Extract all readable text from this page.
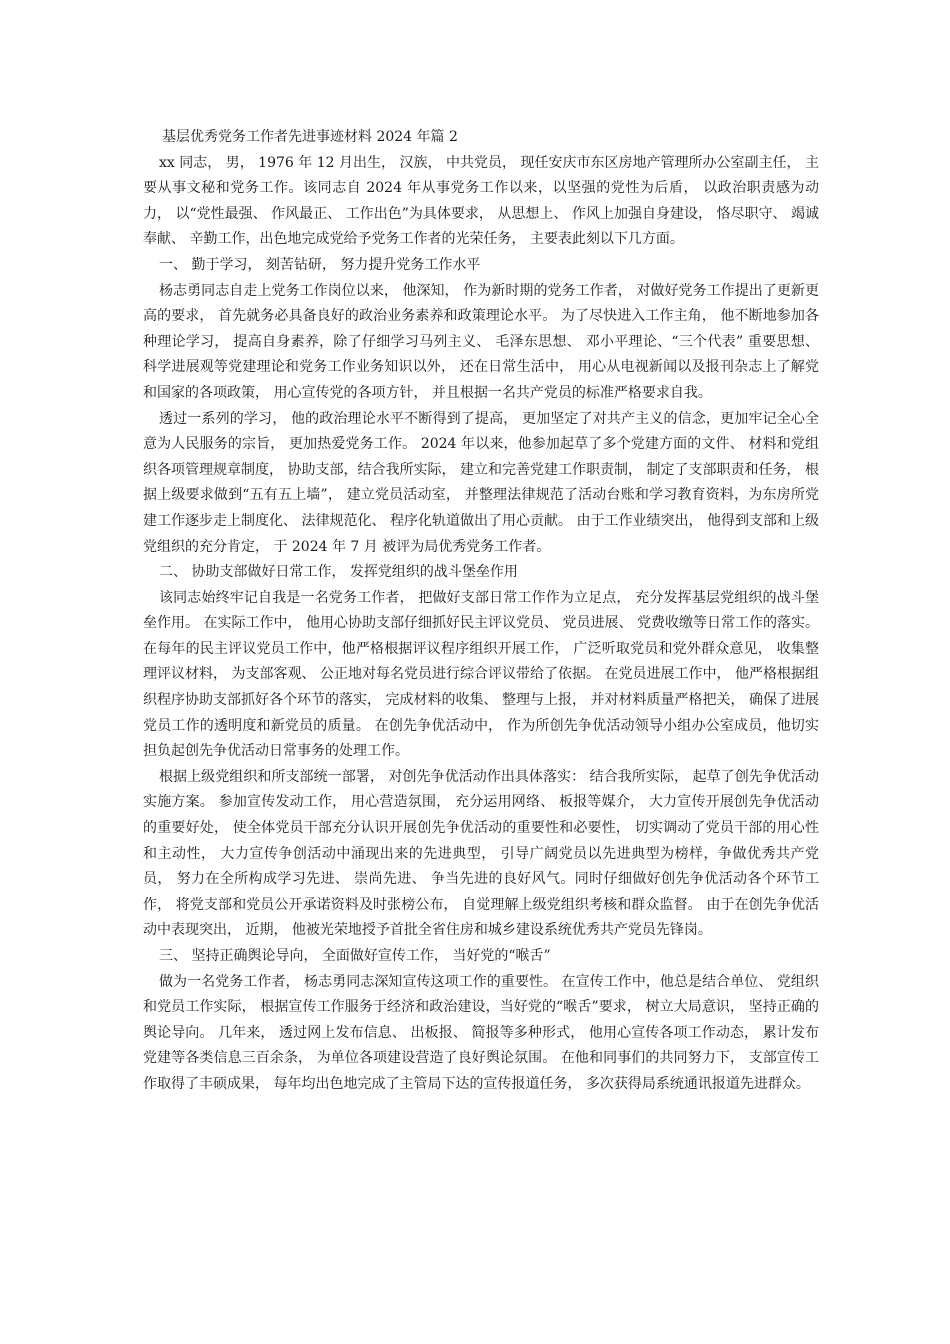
基层优秀党务工作者先进事迹材料 2024 年篇 2

xx 同志， 男， 1976 年 12 月出生， 汉族， 中共党员， 现任安庆市东区房地产管理所办公室副主任， 主要从事文秘和党务工作。该同志自 2024 年从事党务工作以来，以坚强的党性为后盾， 以政治职责感为动力， 以“党性最强、 作风最正、 工作出色”为具体要求， 从思想上、 作风上加强自身建设， 恪尽职守、 竭诚奉献、 辛勤工作，出色地完成党给予党务工作者的光荣任务， 主要表此刻以下几方面。

一、 勤于学习， 刻苦钻研， 努力提升党务工作水平

杨志勇同志自走上党务工作岗位以来， 他深知， 作为新时期的党务工作者， 对做好党务工作提出了更新更高的要求， 首先就务必具备良好的政治业务素养和政策理论水平。 为了尽快进入工作主角， 他不断地参加各种理论学习， 提高自身素养，除了仔细学习马列主义、 毛泽东思想、 邓小平理论、“三个代表” 重要思想、 科学进展观等党建理论和党务工作业务知识以外， 还在日常生活中， 用心从电视新闻以及报刊杂志上了解党和国家的各项政策， 用心宣传党的各项方针， 并且根据一名共产党员的标准严格要求自我。

透过一系列的学习， 他的政治理论水平不断得到了提高， 更加坚定了对共产主义的信念，更加牢记全心全意为人民服务的宗旨， 更加热爱党务工作。 2024 年以来，他参加起草了多个党建方面的文件、 材料和党组织各项管理规章制度， 协助支部，结合我所实际， 建立和完善党建工作职责制， 制定了支部职责和任务， 根据上级要求做到“五有五上墙”， 建立党员活动室， 并整理法律规范了活动台账和学习教育资料，为东房所党建工作逐步走上制度化、 法律规范化、 程序化轨道做出了用心贡献。 由于工作业绩突出， 他得到支部和上级党组织的充分肯定， 于 2024 年 7 月 被评为局优秀党务工作者。

二、 协助支部做好日常工作， 发挥党组织的战斗堡垒作用

该同志始终牢记自我是一名党务工作者， 把做好支部日常工作作为立足点， 充分发挥基层党组织的战斗堡垒作用。 在实际工作中， 他用心协助支部仔细抓好民主评议党员、 党员进展、 党费收缴等日常工作的落实。 在每年的民主评议党员工作中，他严格根据评议程序组织开展工作， 广泛听取党员和党外群众意见， 收集整理评议材料， 为支部客观、 公正地对每名党员进行综合评议带给了依据。 在党员进展工作中， 他严格根据组织程序协助支部抓好各个环节的落实， 完成材料的收集、 整理与上报， 并对材料质量严格把关， 确保了进展党员工作的透明度和新党员的质量。 在创先争优活动中， 作为所创先争优活动领导小组办公室成员，他切实担负起创先争优活动日常事务的处理工作。

根据上级党组织和所支部统一部署， 对创先争优活动作出具体落实： 结合我所实际， 起草了创先争优活动实施方案。 参加宣传发动工作， 用心营造氛围， 充分运用网络、 板报等媒介， 大力宣传开展创先争优活动的重要好处， 使全体党员干部充分认识开展创先争优活动的重要性和必要性， 切实调动了党员干部的用心性和主动性， 大力宣传争创活动中涌现出来的先进典型， 引导广阔党员以先进典型为榜样，争做优秀共产党员， 努力在全所构成学习先进、 崇尚先进、 争当先进的良好风气。同时仔细做好创先争优活动各个环节工作， 将党支部和党员公开承诺资料及时张榜公布， 自觉理解上级党组织考核和群众监督。 由于在创先争优活动中表现突出， 近期， 他被光荣地授予首批全省住房和城乡建设系统优秀共产党员先锋岗。

三、 坚持正确舆论导向， 全面做好宣传工作， 当好党的“喉舌”

做为一名党务工作者， 杨志勇同志深知宣传这项工作的重要性。 在宣传工作中，他总是结合单位、 党组织和党员工作实际， 根据宣传工作服务于经济和政治建设，当好党的“喉舌”要求， 树立大局意识， 坚持正确的舆论导向。 几年来， 透过网上发布信息、 出板报、 简报等多种形式， 他用心宣传各项工作动态， 累计发布党建等各类信息三百余条， 为单位各项建设营造了良好舆论氛围。 在他和同事们的共同努力下， 支部宣传工作取得了丰硕成果， 每年均出色地完成了主管局下达的宣传报道任务， 多次获得局系统通讯报道先进群众。
